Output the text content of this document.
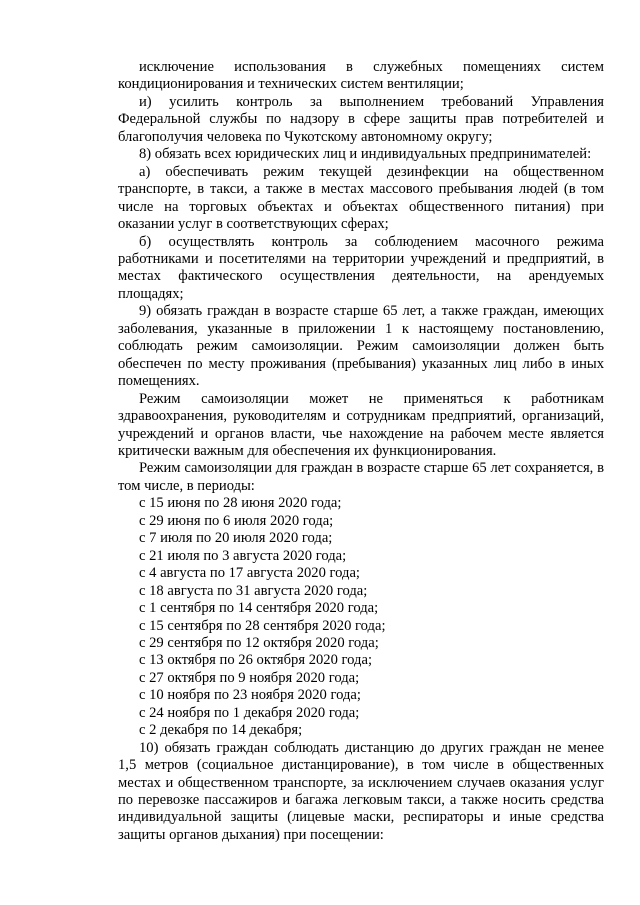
исключение использования в служебных помещениях систем кондиционирования и технических систем вентиляции;

и) усилить контроль за выполнением требований Управления Федеральной службы по надзору в сфере защиты прав потребителей и благополучия человека по Чукотскому автономному округу;

8) обязать всех юридических лиц и индивидуальных предпринимателей:

а) обеспечивать режим текущей дезинфекции на общественном транспорте, в такси, а также в местах массового пребывания людей (в том числе на торговых объектах и объектах общественного питания) при оказании услуг в соответствующих сферах;

б) осуществлять контроль за соблюдением масочного режима работниками и посетителями на территории учреждений и предприятий, в местах фактического осуществления деятельности, на арендуемых площадях;

9) обязать граждан в возрасте старше 65 лет, а также граждан, имеющих заболевания, указанные в приложении 1 к настоящему постановлению, соблюдать режим самоизоляции. Режим самоизоляции должен быть обеспечен по месту проживания (пребывания) указанных лиц либо в иных помещениях.

Режим самоизоляции может не применяться к работникам здравоохранения, руководителям и сотрудникам предприятий, организаций, учреждений и органов власти, чье нахождение на рабочем месте является критически важным для обеспечения их функционирования.

Режим самоизоляции для граждан в возрасте старше 65 лет сохраняется, в том числе, в периоды:

с 15 июня по 28 июня 2020 года;

с 29 июня по 6 июля 2020 года;

с 7 июля по 20 июля 2020 года;

с 21 июля по 3 августа 2020 года;

с 4 августа по 17 августа 2020 года;

с 18 августа по 31 августа 2020 года;

с 1 сентября по 14 сентября 2020 года;

с 15 сентября по 28 сентября 2020 года;

с 29 сентября по 12 октября 2020 года;

с 13 октября по 26 октября 2020 года;

с 27 октября по 9 ноября 2020 года;

с 10 ноября по 23 ноября 2020 года;

с 24 ноября по 1 декабря 2020 года;

с 2 декабря по 14 декабря;

10) обязать граждан соблюдать дистанцию до других граждан не менее 1,5 метров (социальное дистанцирование), в том числе в общественных местах и общественном транспорте, за исключением случаев оказания услуг по перевозке пассажиров и багажа легковым такси, а также носить средства индивидуальной защиты (лицевые маски, респираторы и иные средства защиты органов дыхания) при посещении:
